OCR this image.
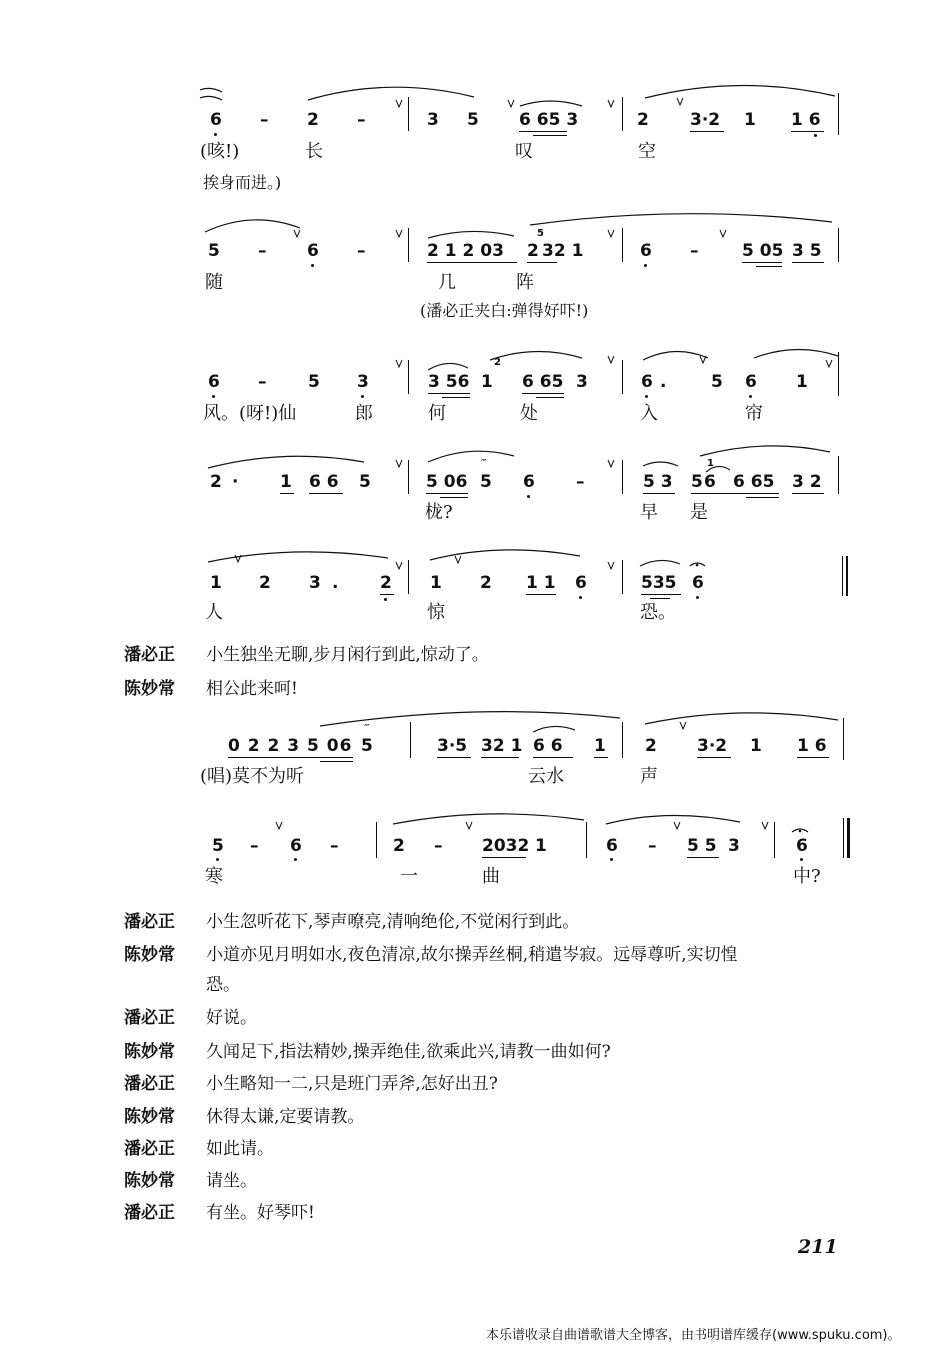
6 – 2 –	3 5 6 65 3	2 3·2 1 1 6
(咳!)	长	叹	空
挨身而进。)
5 – 6 –	2 1 2 03 2 32 1	6 –	5 05 3 5
5
随	几	阵
(潘必正夹白:弹得好吓!)
6 – 5 3	3 56 1 6 65 3	6 .	5 6 1
2
风。(呀!)仙	郎	何	处	入	帘
2 · 1 6 6 5	5 06 5 6 –	5 3 5 6 6 65 3 2
1
‴
栊?	早 是
1 2 3 . 2 1 2 1 1 6	535 6
人	惊	恐。
潘必正 小生独坐无聊,步月闲行到此,惊动了。
陈妙常 相公此来呵!
0 2 2 3 5 06 5	3·5 32 1 6 6 1 2 3·2 1 1 6
‴
(唱)莫不为听	云水	声
5 – 6 –	2 – 2032 1	6 – 5 5 3	6
寒	一	曲	中?
潘必正 小生忽听花下,琴声嘹亮,清响绝伦,不觉闲行到此。
陈妙常 小道亦见月明如水,夜色清凉,故尔操弄丝桐,稍遣岑寂。远辱尊听,实切惶
恐。
潘必正 好说。
陈妙常 久闻足下,指法精妙,操弄绝佳,欲乘此兴,请教一曲如何?
潘必正 小生略知一二,只是班门弄斧,怎好出丑?
陈妙常 休得太谦,定要请教。
潘必正 如此请。
陈妙常 请坐。
潘必正 有坐。好琴吓!
211
本乐谱收录自曲谱歌谱大全博客，由书明谱库缓存(www.spuku.com)。
